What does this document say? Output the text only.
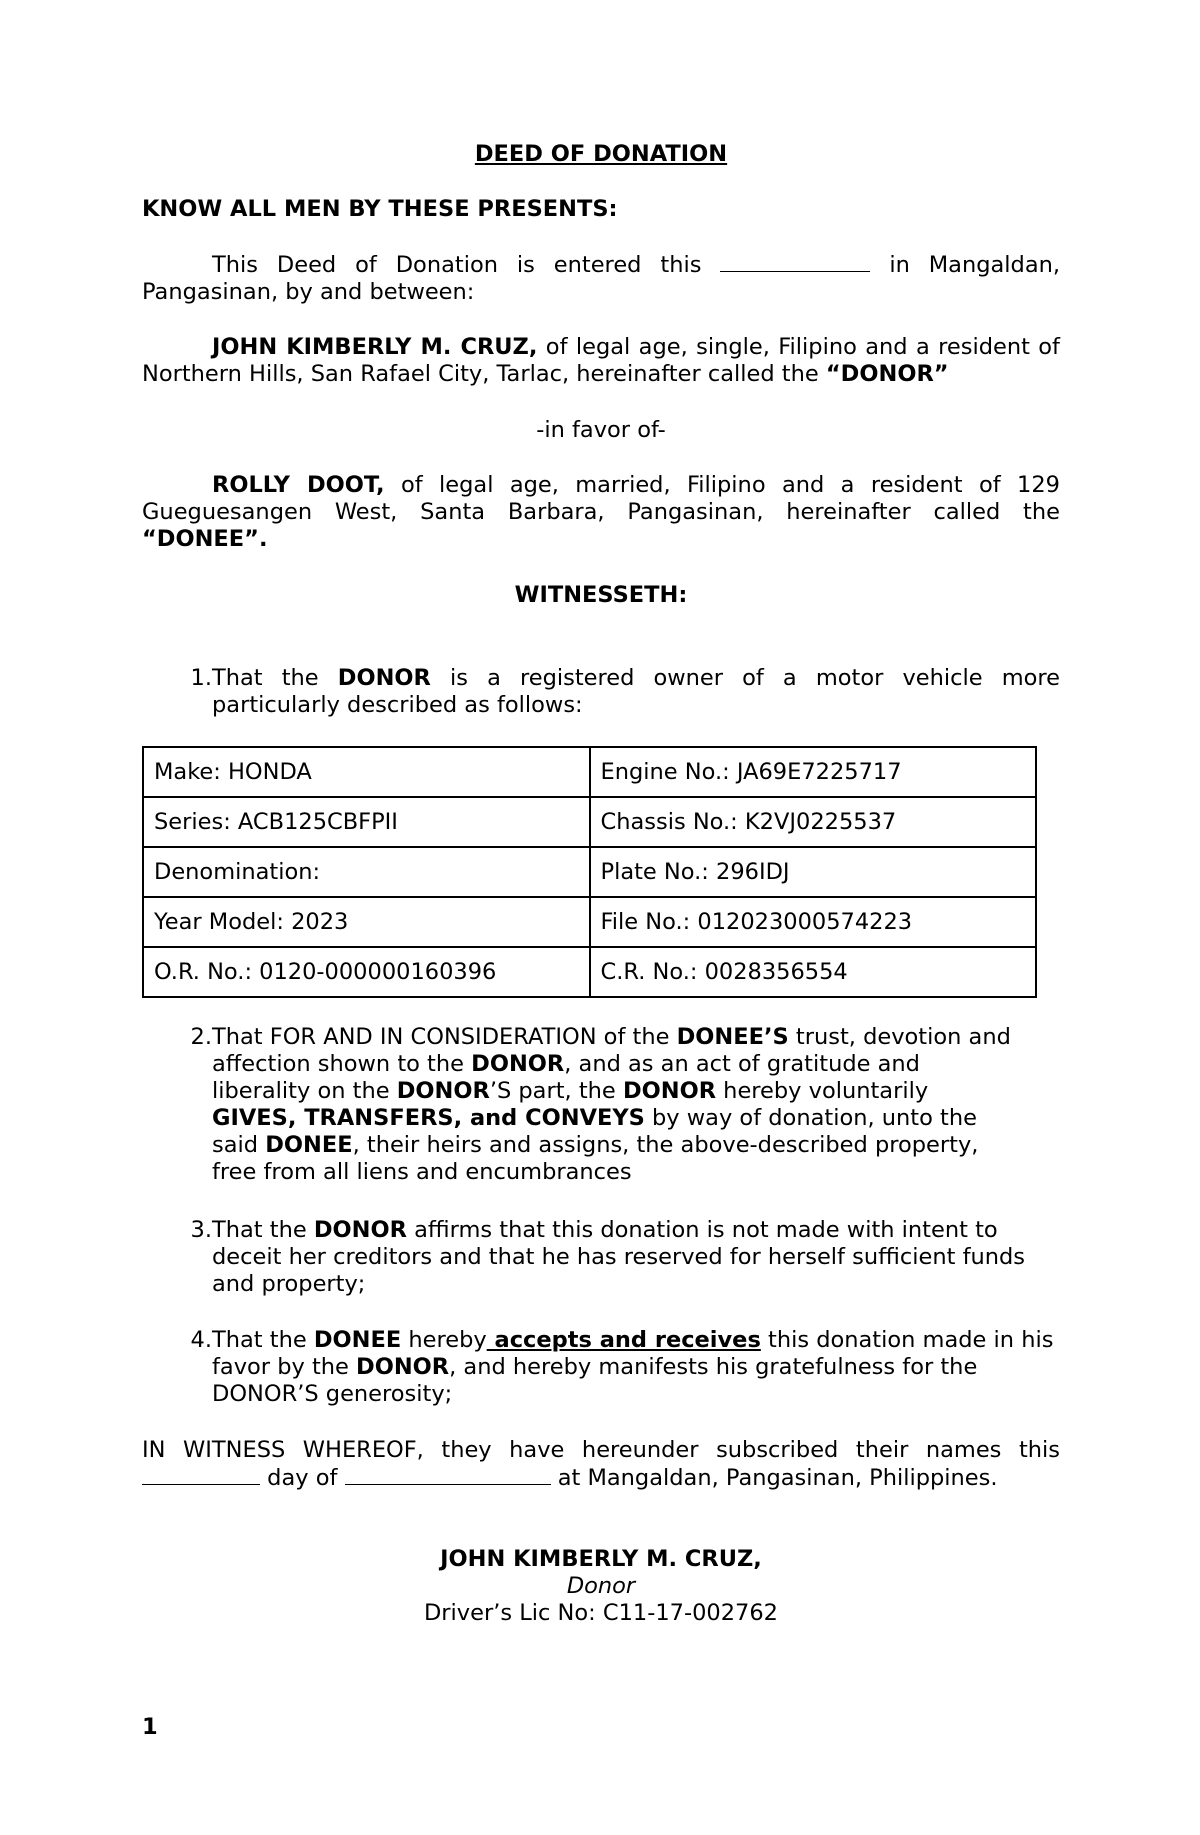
DEED OF DONATION
KNOW ALL MEN BY THESE PRESENTS:
This Deed of Donation is entered this	in Mangaldan,
Pangasinan, by and between:

JOHN KIMBERLY M. CRUZ, of legal age, single, Filipino and a resident of Northern Hills, San Rafael City, Tarlac, hereinafter called the “DONOR”

-in favor of-

ROLLY DOOT, of legal age, married, Filipino and a resident of 129 Gueguesangen West, Santa Barbara, Pangasinan, hereinafter called the “DONEE”.

WITNESSETH:
1. That the DONOR is a registered owner of a motor vehicle more particularly described as follows:
Make: HONDA	Engine No.: JA69E7225717
Series: ACB125CBFPII	Chassis No.: K2VJ0225537
Denomination:	Plate No.: 296IDJ
Year Model: 2023	File No.: 012023000574223
O.R. No.: 0120-000000160396	C.R. No.: 0028356554
2. That FOR AND IN CONSIDERATION of the DONEE’S trust, devotion and affection shown to the DONOR, and as an act of gratitude and liberality on the DONOR’S part, the DONOR hereby voluntarily GIVES, TRANSFERS, and CONVEYS by way of donation, unto the said DONEE, their heirs and assigns, the above-described property, free from all liens and encumbrances
3. That the DONOR affirms that this donation is not made with intent to deceit her creditors and that he has reserved for herself sufficient funds and property;
4. That the DONEE hereby accepts and receives this donation made in his favor by the DONOR, and hereby manifests his gratefulness for the DONOR’S generosity;
IN WITNESS WHEREOF, they have hereunder subscribed their names this
day of	at Mangaldan, Pangasinan, Philippines.
JOHN KIMBERLY M. CRUZ,
Donor
Driver’s Lic No: C11-17-002762
1
